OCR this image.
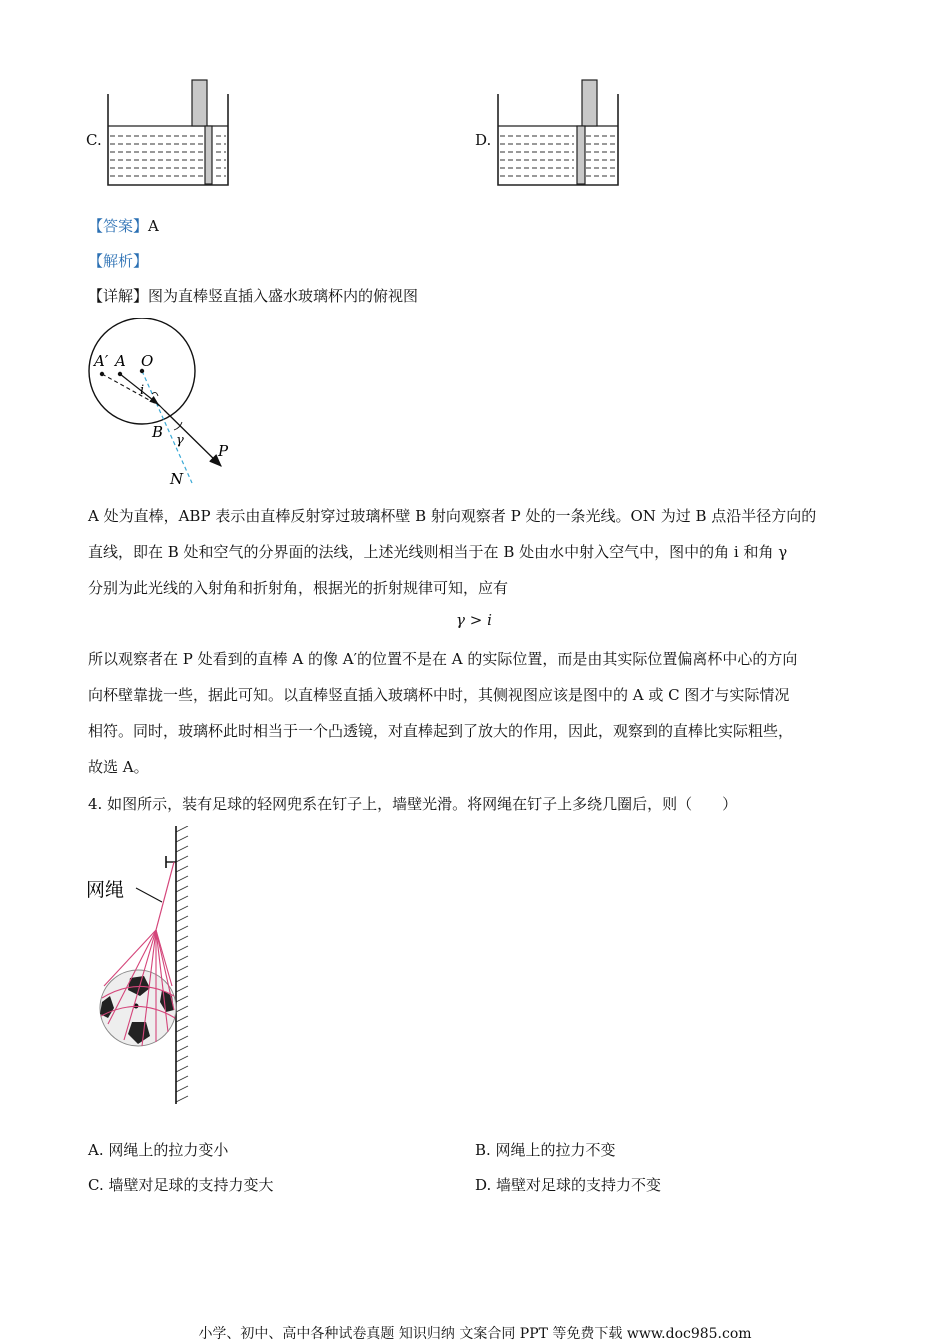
C.	D.
【答案】A
【解析】
【详解】图为直棒竖直插入盛水玻璃杯内的俯视图
A′ A O
i
B γ
P
N
A 处为直棒，ABP 表示由直棒反射穿过玻璃杯壁 B 射向观察者 P 处的一条光线。ON 为过 B 点沿半径方向的
直线，即在 B 处和空气的分界面的法线，上述光线则相当于在 B 处由水中射入空气中，图中的角 i 和角 γ
分别为此光线的入射角和折射角，根据光的折射规律可知，应有
γ > i
所以观察者在 P 处看到的直棒 A 的像 A′的位置不是在 A 的实际位置，而是由其实际位置偏离杯中心的方向
向杯壁靠拢一些，据此可知。以直棒竖直插入玻璃杯中时，其侧视图应该是图中的 A 或 C 图才与实际情况
相符。同时，玻璃杯此时相当于一个凸透镜，对直棒起到了放大的作用，因此，观察到的直棒比实际粗些，
故选 A。
4. 如图所示，装有足球的轻网兜系在钉子上，墙壁光滑。将网绳在钉子上多绕几圈后，则（　　）
网绳
A. 网绳上的拉力变小	B. 网绳上的拉力不变
C. 墙壁对足球的支持力变大	D. 墙壁对足球的支持力不变
小学、初中、高中各种试卷真题 知识归纳 文案合同 PPT 等免费下载 www.doc985.com
